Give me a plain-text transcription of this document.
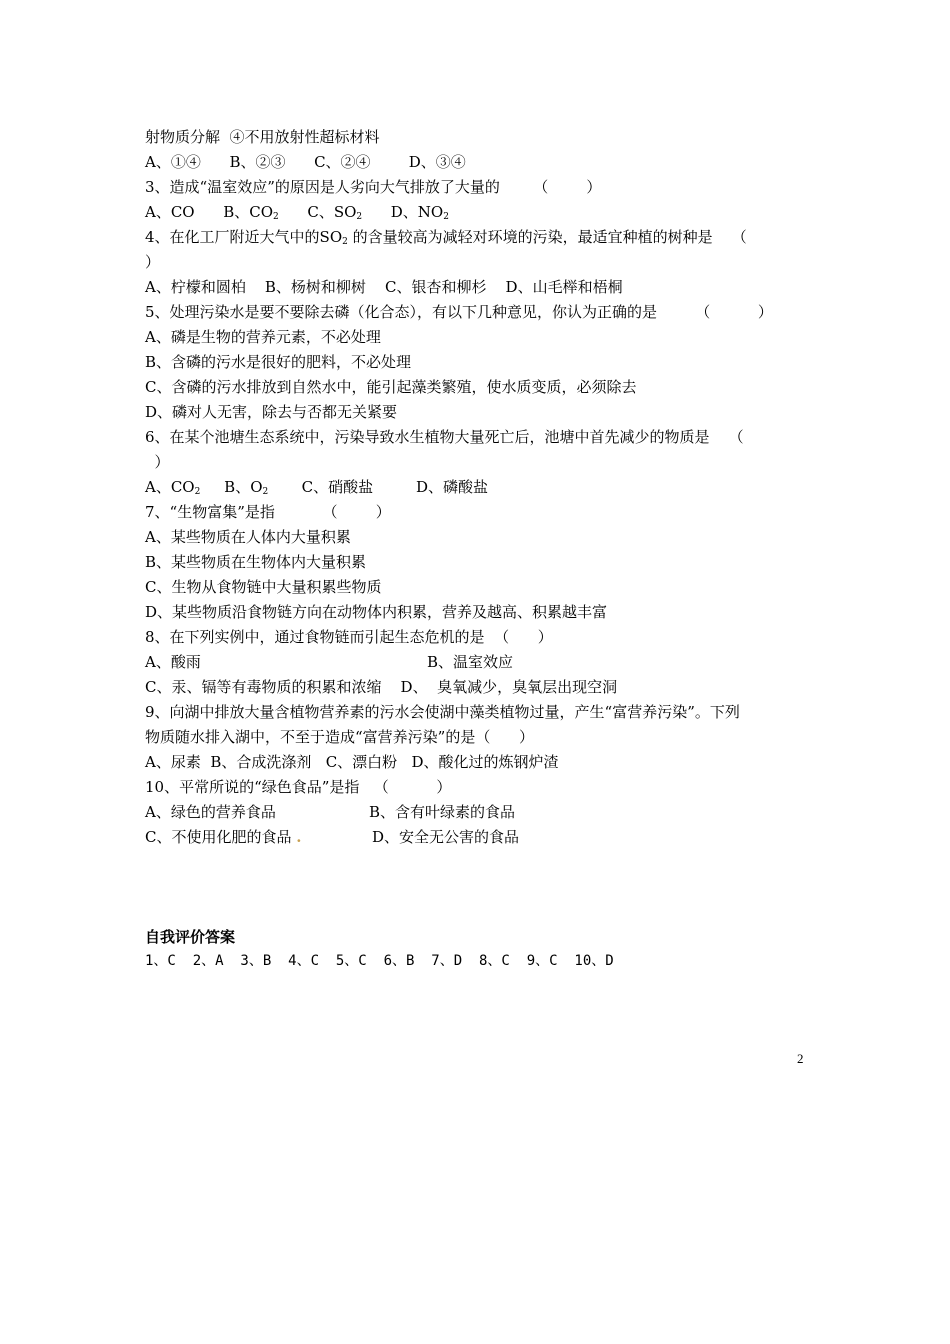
射物质分解  ④不用放射性超标材料
A、①④      B、②③      C、②④        D、③④
3、造成“温室效应”的原因是人劣向大气排放了大量的       （        ）
A、CO      B、$CO_2$      C、$SO_2$      D、$NO_2$
4、在化工厂附近大气中的$SO_2$ 的含量较高为减轻对环境的污染，最适宜种植的树种是    （
）
A、柠檬和圆柏    B、杨树和柳树    C、银杏和柳杉    D、山毛榉和梧桐
5、处理污染水是要不要除去磷（化合态），有以下几种意见，你认为正确的是        （          ）
A、磷是生物的营养元素，不必处理
B、含磷的污水是很好的肥料，不必处理
C、含磷的污水排放到自然水中，能引起藻类繁殖，使水质变质，必须除去
D、磷对人无害，除去与否都无关紧要
6、在某个池塘生态系统中，污染导致水生植物大量死亡后，池塘中首先减少的物质是    （
）
A、$CO_2$     B、$O_2$       C、硝酸盐         D、磷酸盐
7、“生物富集”是指          （        ）
A、某些物质在人体内大量积累
B、某些物质在生物体内大量积累
C、生物从食物链中大量积累些物质
D、某些物质沿食物链方向在动物体内积累，营养及越高、积累越丰富
8、在下列实例中，通过食物链而引起生态危机的是  （      ）
A、酸雨	B、温室效应
C、汞、镉等有毒物质的积累和浓缩    D、  臭氧减少，臭氧层出现空洞
9、向湖中排放大量含植物营养素的污水会使湖中藻类植物过量，产生“富营养污染”。下列
物质随水排入湖中，不至于造成“富营养污染”的是（      ）
A、尿素  B、合成洗涤剂   C、漂白粉   D、酸化过的炼钢炉渣
10、平常所说的“绿色食品”是指   （          ）
A、绿色的营养食品	B、含有叶绿素的食品
C、不使用化肥的食品 .	D、安全无公害的食品
自我评价答案
1、C  2、A  3、B  4、C  5、C  6、B  7、D  8、C  9、C  10、D
2
